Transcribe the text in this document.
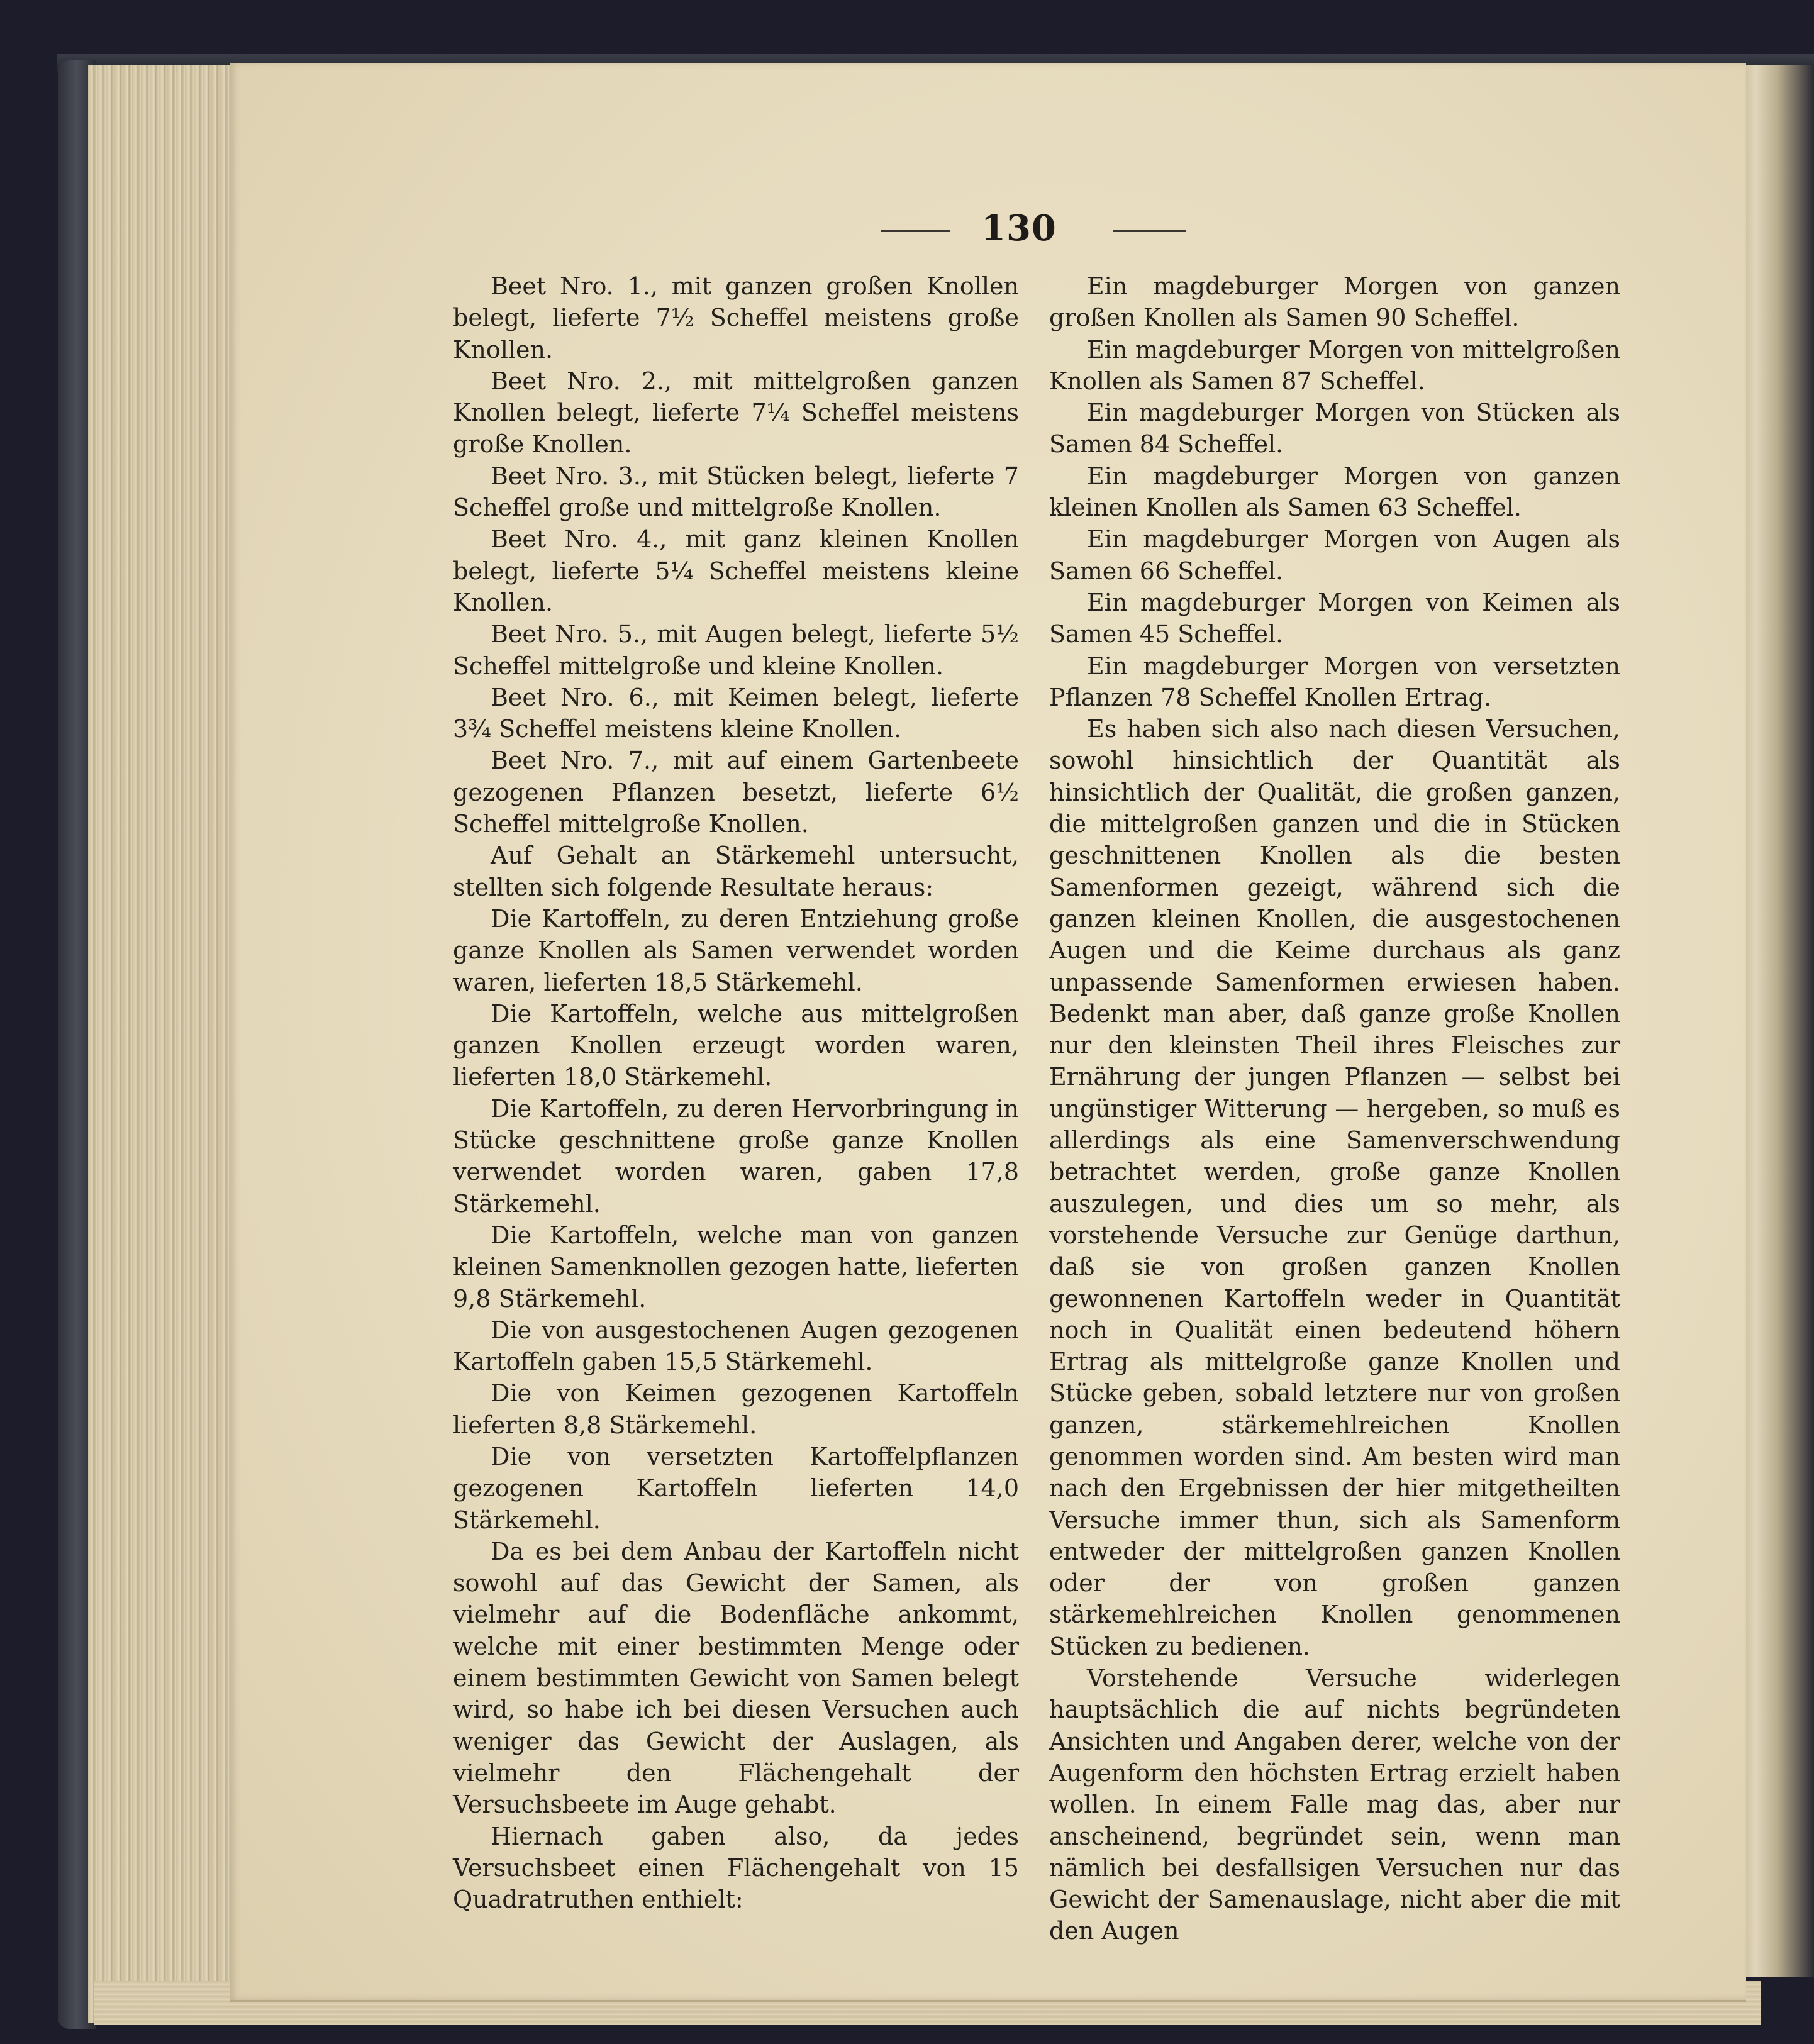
130

Beet Nro. 1., mit ganzen großen Knollen belegt, lieferte 7½ Scheffel meistens große Knollen.

Beet Nro. 2., mit mittelgroßen ganzen Knollen belegt, lieferte 7¼ Scheffel meistens große Knollen.

Beet Nro. 3., mit Stücken belegt, lieferte 7 Scheffel große und mittelgroße Knollen.

Beet Nro. 4., mit ganz kleinen Knollen belegt, lieferte 5¼ Scheffel meistens kleine Knollen.

Beet Nro. 5., mit Augen belegt, lieferte 5½ Scheffel mittelgroße und kleine Knollen.

Beet Nro. 6., mit Keimen belegt, lieferte 3¾ Scheffel meistens kleine Knollen.

Beet Nro. 7., mit auf einem Gartenbeete gezogenen Pflanzen besetzt, lieferte 6½ Scheffel mittelgroße Knollen.

Auf Gehalt an Stärkemehl untersucht, stellten sich folgende Resultate heraus:

Die Kartoffeln, zu deren Entziehung große ganze Knollen als Samen verwendet worden waren, lieferten 18,5 Stärkemehl.

Die Kartoffeln, welche aus mittelgroßen ganzen Knollen erzeugt worden waren, lieferten 18,0 Stärkemehl.

Die Kartoffeln, zu deren Hervorbringung in Stücke geschnittene große ganze Knollen verwendet worden waren, gaben 17,8 Stärkemehl.

Die Kartoffeln, welche man von ganzen kleinen Samenknollen gezogen hatte, lieferten 9,8 Stärkemehl.

Die von ausgestochenen Augen gezogenen Kartoffeln gaben 15,5 Stärkemehl.

Die von Keimen gezogenen Kartoffeln lieferten 8,8 Stärkemehl.

Die von versetzten Kartoffelpflanzen gezogenen Kartoffeln lieferten 14,0 Stärkemehl.

Da es bei dem Anbau der Kartoffeln nicht sowohl auf das Gewicht der Samen, als vielmehr auf die Bodenfläche ankommt, welche mit einer bestimmten Menge oder einem bestimmten Gewicht von Samen belegt wird, so habe ich bei diesen Versuchen auch weniger das Gewicht der Auslagen, als vielmehr den Flächengehalt der Versuchsbeete im Auge gehabt.

Hiernach gaben also, da jedes Versuchsbeet einen Flächengehalt von 15 Quadratruthen enthielt:

Ein magdeburger Morgen von ganzen großen Knollen als Samen 90 Scheffel.

Ein magdeburger Morgen von mittelgroßen Knollen als Samen 87 Scheffel.

Ein magdeburger Morgen von Stücken als Samen 84 Scheffel.

Ein magdeburger Morgen von ganzen kleinen Knollen als Samen 63 Scheffel.

Ein magdeburger Morgen von Augen als Samen 66 Scheffel.

Ein magdeburger Morgen von Keimen als Samen 45 Scheffel.

Ein magdeburger Morgen von versetzten Pflanzen 78 Scheffel Knollen Ertrag.

Es haben sich also nach diesen Versuchen, sowohl hinsichtlich der Quantität als hinsichtlich der Qualität, die großen ganzen, die mittelgroßen ganzen und die in Stücken geschnittenen Knollen als die besten Samenformen gezeigt, während sich die ganzen kleinen Knollen, die ausgestochenen Augen und die Keime durchaus als ganz unpassende Samenformen erwiesen haben. Bedenkt man aber, daß ganze große Knollen nur den kleinsten Theil ihres Fleisches zur Ernährung der jungen Pflanzen — selbst bei ungünstiger Witterung — hergeben, so muß es allerdings als eine Samenverschwendung betrachtet werden, große ganze Knollen auszulegen, und dies um so mehr, als vorstehende Versuche zur Genüge darthun, daß sie von großen ganzen Knollen gewonnenen Kartoffeln weder in Quantität noch in Qualität einen bedeutend höhern Ertrag als mittelgroße ganze Knollen und Stücke geben, sobald letztere nur von großen ganzen, stärkemehlreichen Knollen genommen worden sind. Am besten wird man nach den Ergebnissen der hier mitgetheilten Versuche immer thun, sich als Samenform entweder der mittelgroßen ganzen Knollen oder der von großen ganzen stärkemehlreichen Knollen genommenen Stücken zu bedienen.

Vorstehende Versuche widerlegen hauptsächlich die auf nichts begründeten Ansichten und Angaben derer, welche von der Augenform den höchsten Ertrag erzielt haben wollen. In einem Falle mag das, aber nur anscheinend, begründet sein, wenn man nämlich bei desfallsigen Versuchen nur das Gewicht der Samenauslage, nicht aber die mit den Augen
